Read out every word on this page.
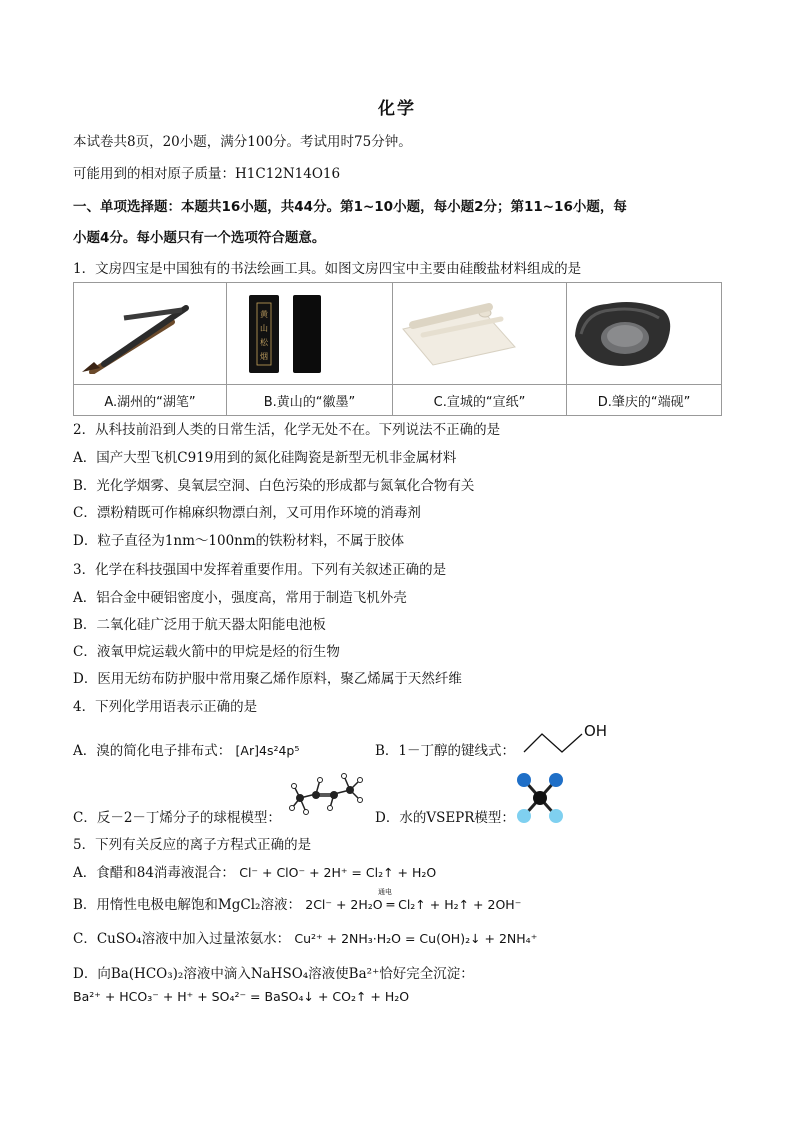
化学
本试卷共8页，20小题，满分100分。考试用时75分钟。
可能用到的相对原子质量：H1C12N14O16
一、单项选择题：本题共16小题，共44分。第1~10小题，每小题2分；第11~16小题，每
小题4分。每小题只有一个选项符合题意。
1．文房四宝是中国独有的书法绘画工具。如图文房四宝中主要由硅酸盐材料组成的是

黄
山
松
烟

A.湖州的“湖笔”	B.黄山的“徽墨”	C.宣城的“宣纸”	D.肇庆的“端砚”
2．从科技前沿到人类的日常生活，化学无处不在。下列说法不正确的是
A．国产大型飞机C919用到的氮化硅陶瓷是新型无机非金属材料
B．光化学烟雾、臭氧层空洞、白色污染的形成都与氮氧化合物有关
C．漂粉精既可作棉麻织物漂白剂，又可用作环境的消毒剂
D．粒子直径为1nm～100nm的铁粉材料，不属于胶体
3．化学在科技强国中发挥着重要作用。下列有关叙述正确的是
A．铝合金中硬铝密度小，强度高，常用于制造飞机外壳
B．二氧化硅广泛用于航天器太阳能电池板
C．液氧甲烷运载火箭中的甲烷是烃的衍生物
D．医用无纺布防护服中常用聚乙烯作原料，聚乙烯属于天然纤维
4．下列化学用语表示正确的是
A．溴的简化电子排布式： [Ar]4s²4p⁵	B．1－丁醇的键线式：
OH
C．反－2－丁烯分子的球棍模型：	D．水的VSEPR模型：
5．下列有关反应的离子方程式正确的是
A．食醋和84消毒液混合： Cl⁻ + ClO⁻ + 2H⁺ = Cl₂↑ + H₂O
B．用惰性电极电解饱和MgCl₂溶液： 2Cl⁻ + 2H₂O ═ Cl₂↑ + H₂↑ + 2OH⁻
通电
C．CuSO₄溶液中加入过量浓氨水： Cu²⁺ + 2NH₃·H₂O = Cu(OH)₂↓ + 2NH₄⁺
D．向Ba(HCO₃)₂溶液中滴入NaHSO₄溶液使Ba²⁺恰好完全沉淀：
Ba²⁺ + HCO₃⁻ + H⁺ + SO₄²⁻ = BaSO₄↓ + CO₂↑ + H₂O
